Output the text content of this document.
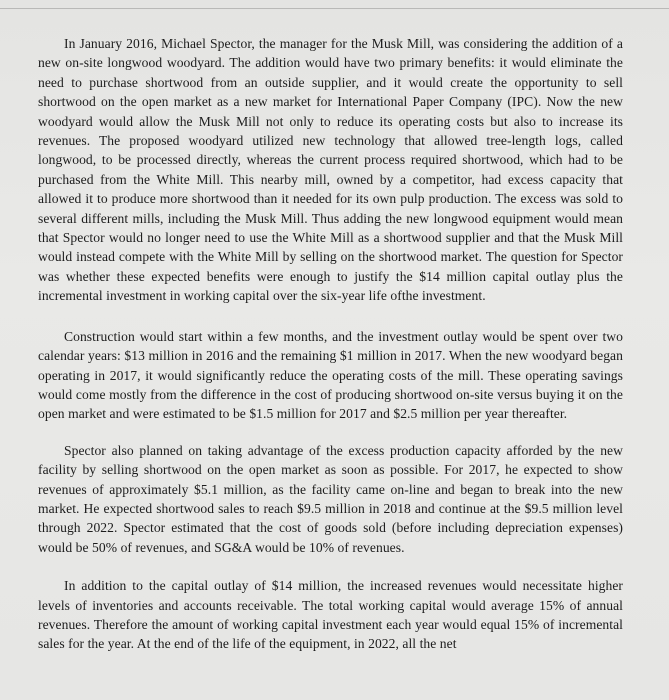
In January 2016, Michael Spector, the manager for the Musk Mill, was considering the addition of a new on-site longwood woodyard. The addition would have two primary benefits: it would eliminate the need to purchase shortwood from an outside supplier, and it would create the opportunity to sell shortwood on the open market as a new market for International Paper Company (IPC). Now the new woodyard would allow the Musk Mill not only to reduce its operating costs but also to increase its revenues. The proposed woodyard utilized new technology that allowed tree-length logs, called longwood, to be processed directly, whereas the current process required shortwood, which had to be purchased from the White Mill. This nearby mill, owned by a competitor, had excess capacity that allowed it to produce more shortwood than it needed for its own pulp production. The excess was sold to several different mills, including the Musk Mill. Thus adding the new longwood equipment would mean that Spector would no longer need to use the White Mill as a shortwood supplier and that the Musk Mill would instead compete with the White Mill by selling on the shortwood market. The question for Spector was whether these expected benefits were enough to justify the $14 million capital outlay plus the incremental investment in working capital over the six-year life ofthe investment.

Construction would start within a few months, and the investment outlay would be spent over two calendar years: $13 million in 2016 and the remaining $1 million in 2017. When the new woodyard began operating in 2017, it would significantly reduce the operating costs of the mill. These operating savings would come mostly from the difference in the cost of producing shortwood on-site versus buying it on the open market and were estimated to be $1.5 million for 2017 and $2.5 million per year thereafter.

Spector also planned on taking advantage of the excess production capacity afforded by the new facility by selling shortwood on the open market as soon as possible. For 2017, he expected to show revenues of approximately $5.1 million, as the facility came on-line and began to break into the new market. He expected shortwood sales to reach $9.5 million in 2018 and continue at the $9.5 million level through 2022. Spector estimated that the cost of goods sold (before including depreciation expenses) would be 50% of revenues, and SG&A would be 10% of revenues.

In addition to the capital outlay of $14 million, the increased revenues would necessitate higher levels of inventories and accounts receivable. The total working capital would average 15% of annual revenues. Therefore the amount of working capital investment each year would equal 15% of incremental sales for the year. At the end of the life of the equipment, in 2022, all the net
